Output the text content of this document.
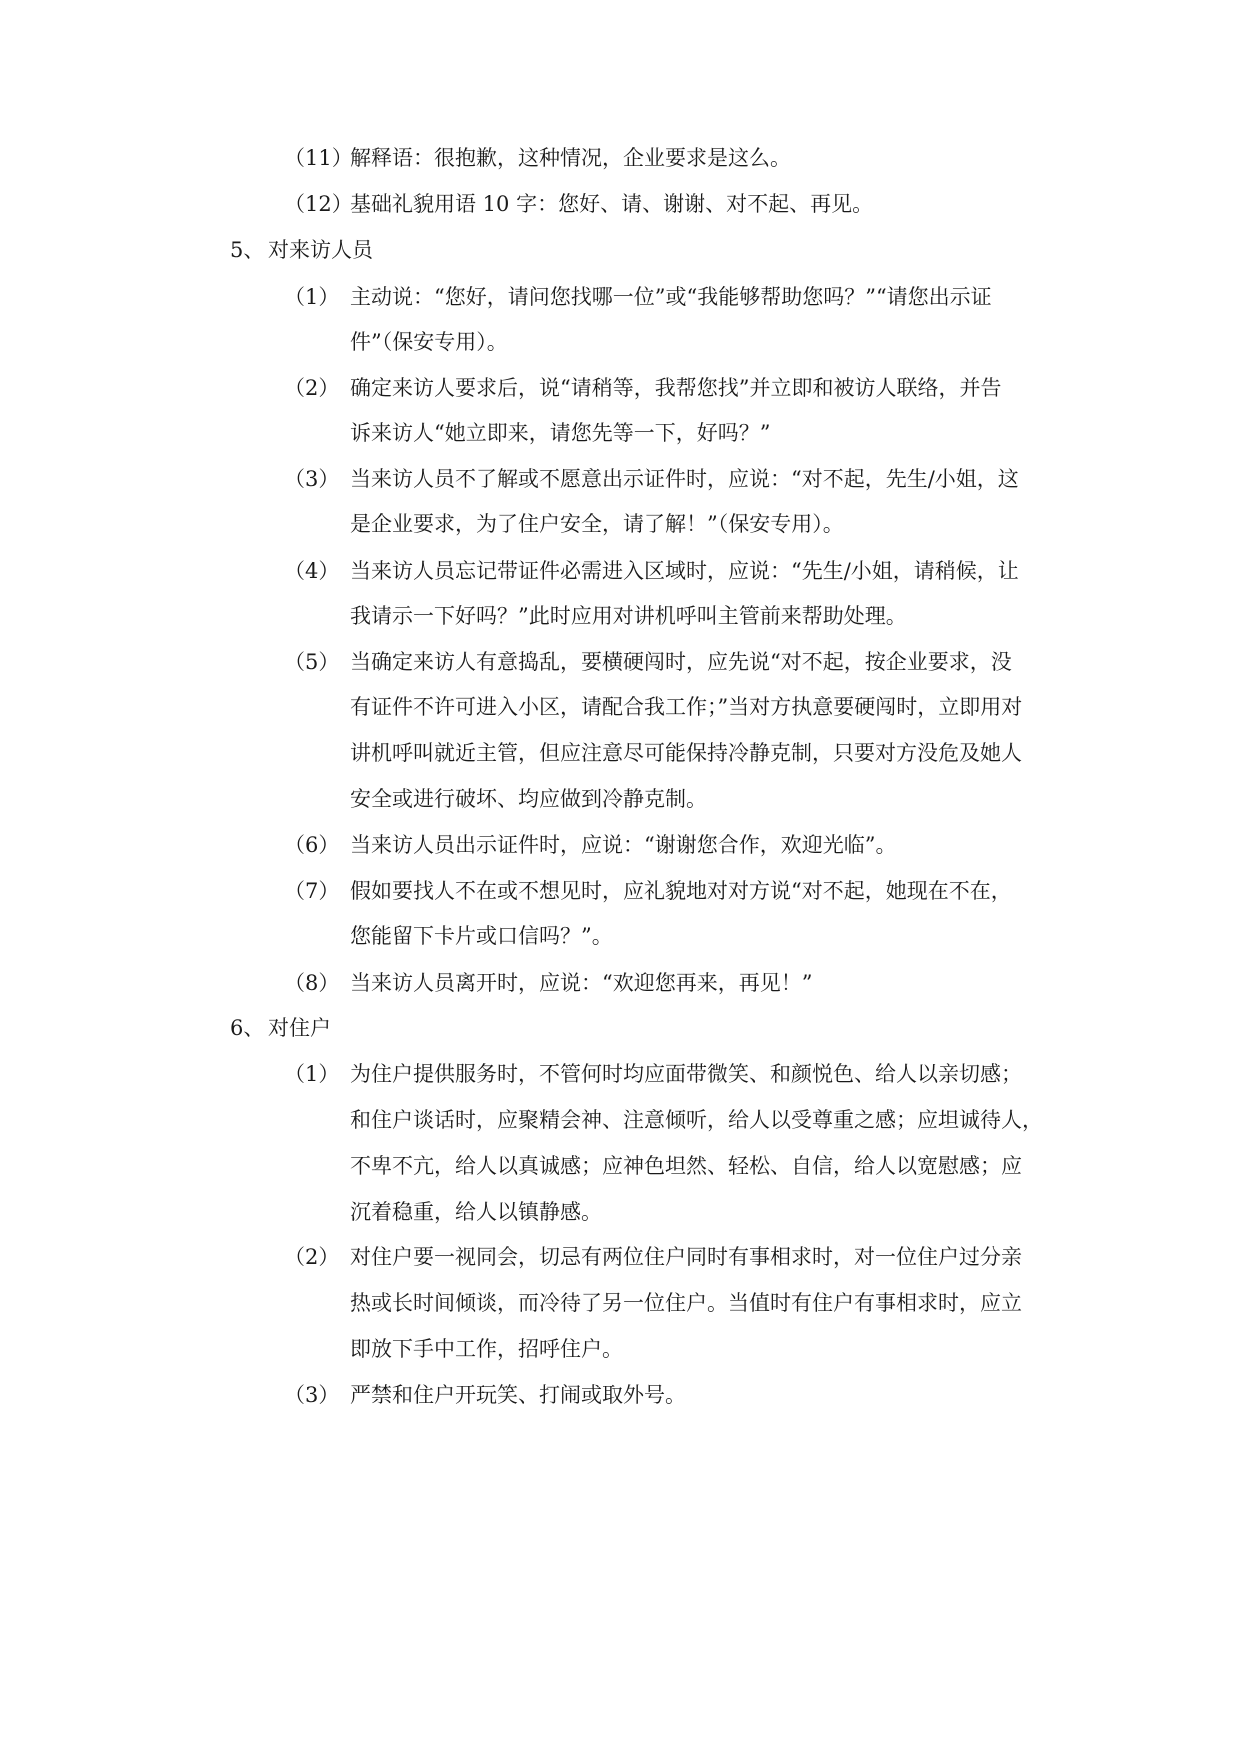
（11）
解释语：很抱歉，这种情况，企业要求是这么。
（12）
基础礼貌用语 10 字：您好、请、谢谢、对不起、再见。
5、 对来访人员
（1） 主动说：“您好，请问您找哪一位”或“我能够帮助您吗？”“请您出示证
件”（保安专用）。
（2） 确定来访人要求后，说“请稍等，我帮您找”并立即和被访人联络，并告
诉来访人“她立即来，请您先等一下，好吗？”
（3） 当来访人员不了解或不愿意出示证件时，应说：“对不起，先生/小姐，这
是企业要求，为了住户安全，请了解！”（保安专用）。
（4） 当来访人员忘记带证件必需进入区域时，应说：“先生/小姐，请稍候，让
我请示一下好吗？”此时应用对讲机呼叫主管前来帮助处理。
（5） 当确定来访人有意捣乱，要横硬闯时，应先说“对不起，按企业要求，没
有证件不许可进入小区，请配合我工作；”当对方执意要硬闯时，立即用对
讲机呼叫就近主管，但应注意尽可能保持冷静克制，只要对方没危及她人
安全或进行破坏、均应做到冷静克制。
（6） 当来访人员出示证件时，应说：“谢谢您合作，欢迎光临”。
（7） 假如要找人不在或不想见时，应礼貌地对对方说“对不起，她现在不在，
您能留下卡片或口信吗？”。
（8） 当来访人员离开时，应说：“欢迎您再来，再见！”
6、 对住户
（1） 为住户提供服务时，不管何时均应面带微笑、和颜悦色、给人以亲切感；
和住户谈话时，应聚精会神、注意倾听，给人以受尊重之感；应坦诚待人，
不卑不亢，给人以真诚感；应神色坦然、轻松、自信，给人以宽慰感；应
沉着稳重，给人以镇静感。
（2） 对住户要一视同会，切忌有两位住户同时有事相求时，对一位住户过分亲
热或长时间倾谈，而冷待了另一位住户。当值时有住户有事相求时，应立
即放下手中工作，招呼住户。
（3） 严禁和住户开玩笑、打闹或取外号。
